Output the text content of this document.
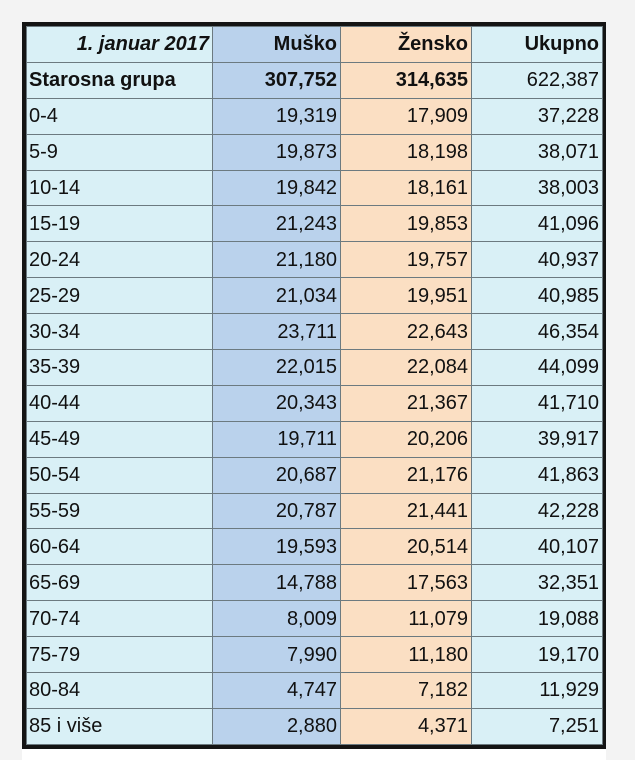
1. januar 2017	Muško	Žensko	Ukupno
Starosna grupa	307,752	314,635	622,387
0-4	19,319	17,909	37,228
5-9	19,873	18,198	38,071
10-14	19,842	18,161	38,003
15-19	21,243	19,853	41,096
20-24	21,180	19,757	40,937
25-29	21,034	19,951	40,985
30-34	23,711	22,643	46,354
35-39	22,015	22,084	44,099
40-44	20,343	21,367	41,710
45-49	19,711	20,206	39,917
50-54	20,687	21,176	41,863
55-59	20,787	21,441	42,228
60-64	19,593	20,514	40,107
65-69	14,788	17,563	32,351
70-74	8,009	11,079	19,088
75-79	7,990	11,180	19,170
80-84	4,747	7,182	11,929
85 i više	2,880	4,371	7,251
